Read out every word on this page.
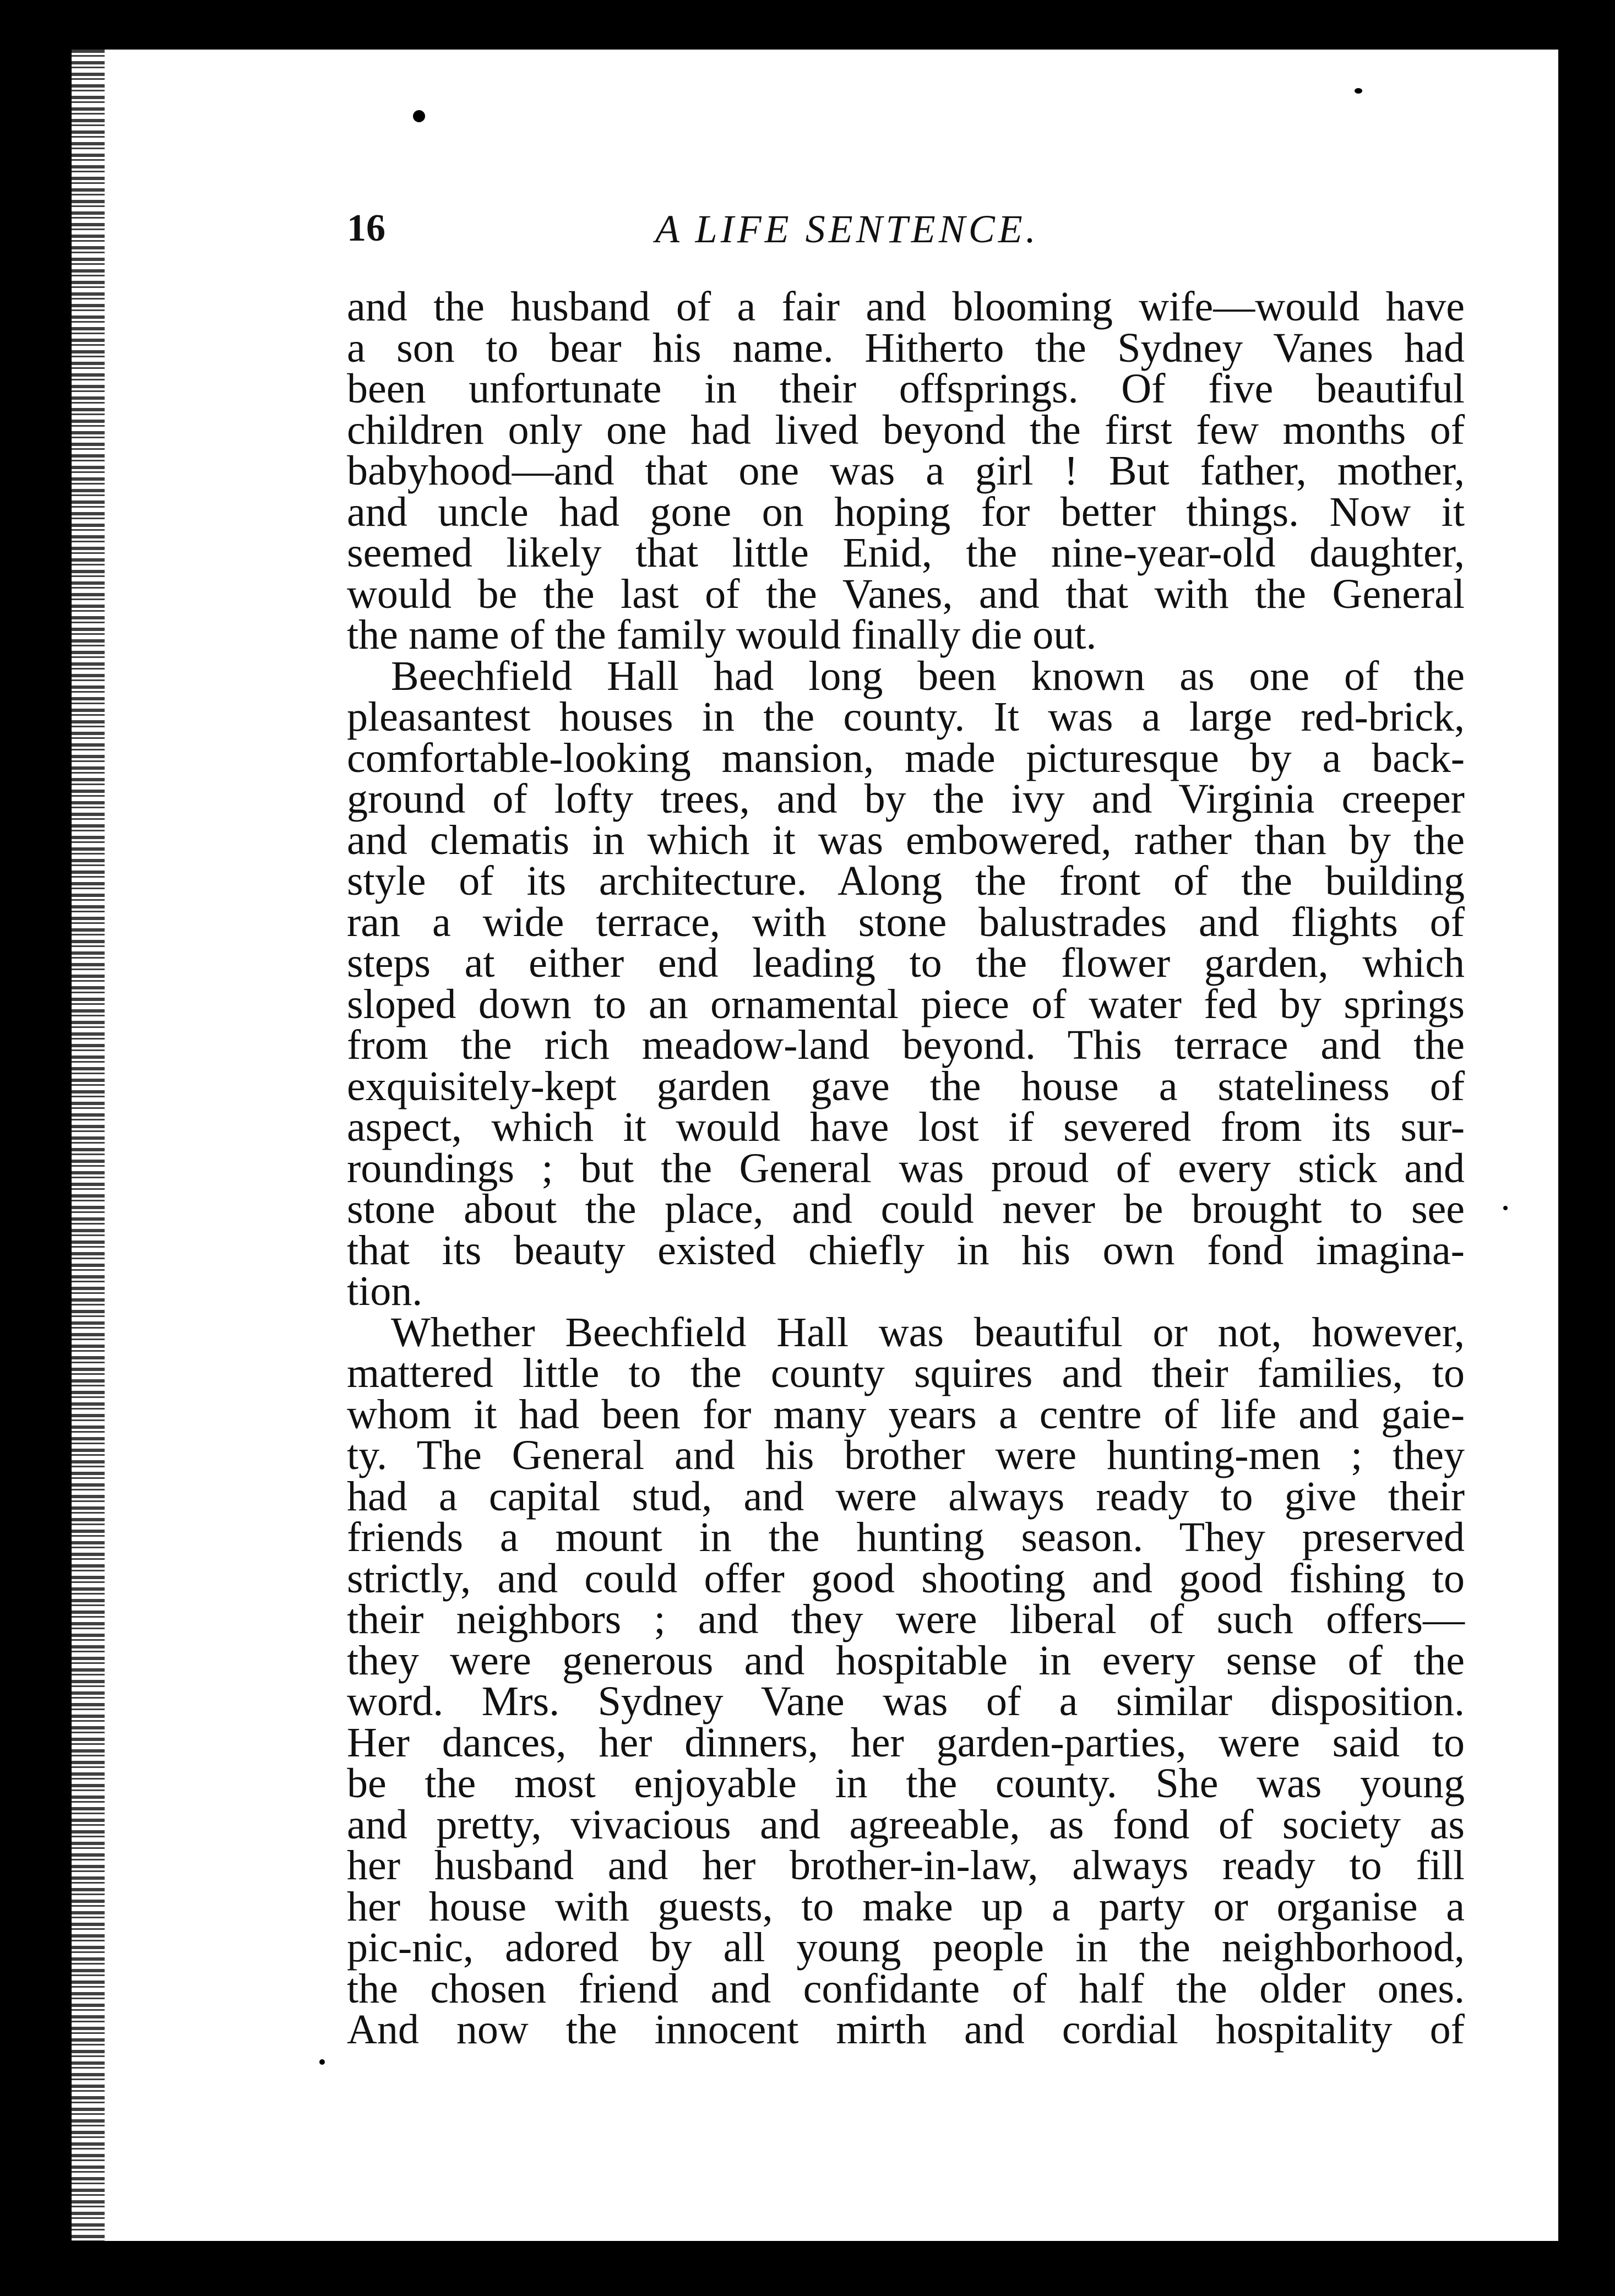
16	A LIFE SENTENCE.
and the husband of a fair and blooming wife—would have
a son to bear his name. Hitherto the Sydney Vanes had
been unfortunate in their offsprings. Of five beautiful
children only one had lived beyond the first few months of
babyhood—and that one was a girl ! But father, mother,
and uncle had gone on hoping for better things. Now it
seemed likely that little Enid, the nine-year-old daughter,
would be the last of the Vanes, and that with the General
the name of the family would finally die out.
Beechfield Hall had long been known as one of the
pleasantest houses in the county. It was a large red-brick,
comfortable-looking mansion, made picturesque by a back-
ground of lofty trees, and by the ivy and Virginia creeper
and clematis in which it was embowered, rather than by the
style of its architecture. Along the front of the building
ran a wide terrace, with stone balustrades and flights of
steps at either end leading to the flower garden, which
sloped down to an ornamental piece of water fed by springs
from the rich meadow-land beyond. This terrace and the
exquisitely-kept garden gave the house a stateliness of
aspect, which it would have lost if severed from its sur-
roundings ; but the General was proud of every stick and
stone about the place, and could never be brought to see
that its beauty existed chiefly in his own fond imagina-
tion.
Whether Beechfield Hall was beautiful or not, however,
mattered little to the county squires and their families, to
whom it had been for many years a centre of life and gaie-
ty. The General and his brother were hunting-men ; they
had a capital stud, and were always ready to give their
friends a mount in the hunting season. They preserved
strictly, and could offer good shooting and good fishing to
their neighbors ; and they were liberal of such offers—
they were generous and hospitable in every sense of the
word. Mrs. Sydney Vane was of a similar disposition.
Her dances, her dinners, her garden-parties, were said to
be the most enjoyable in the county. She was young
and pretty, vivacious and agreeable, as fond of society as
her husband and her brother-in-law, always ready to fill
her house with guests, to make up a party or organise a
pic-nic, adored by all young people in the neighborhood,
the chosen friend and confidante of half the older ones.
And now the innocent mirth and cordial hospitality of
